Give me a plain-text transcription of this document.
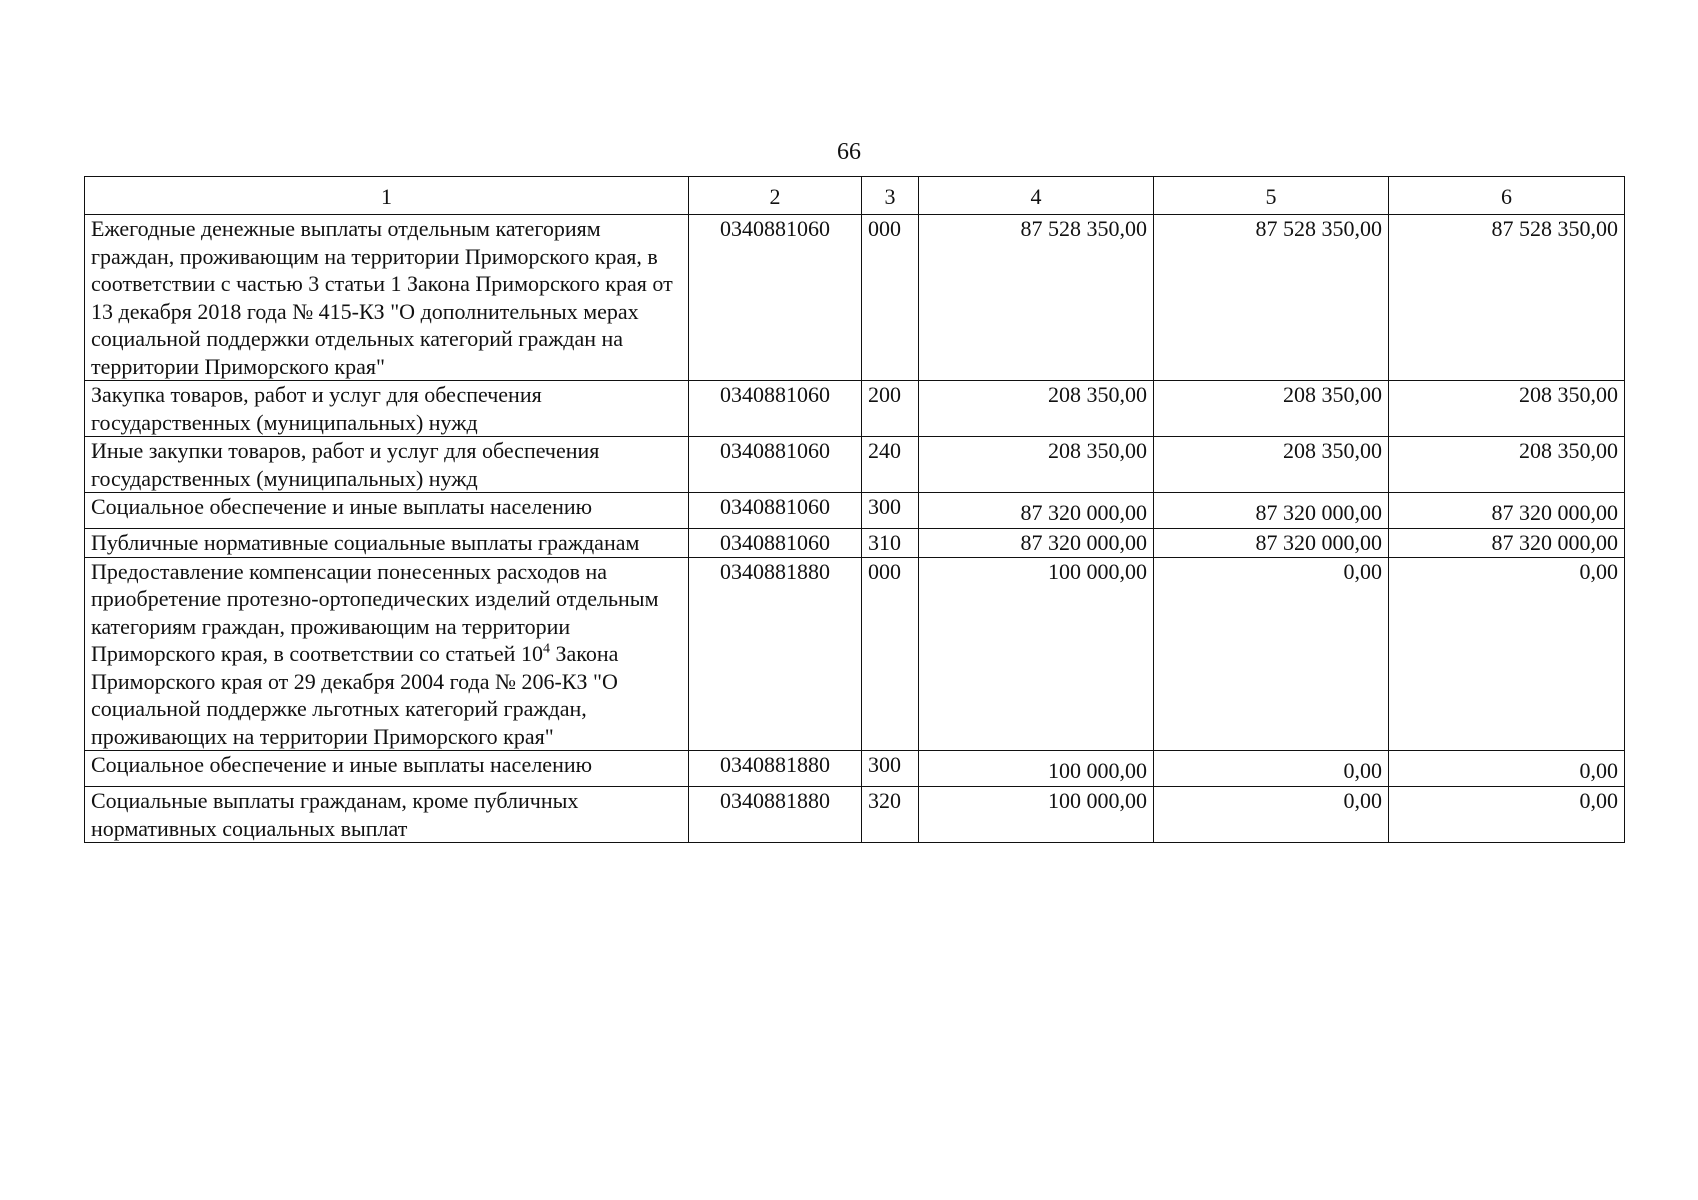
66
1	2	3	4	5	6
Ежегодные денежные выплаты отдельным категориям граждан, проживающим на территории Приморского края, в соответствии с частью 3 статьи 1 Закона Приморского края от 13 декабря 2018 года № 415-КЗ "О дополнительных мерах социальной поддержки отдельных категорий граждан на территории Приморского края"	0340881060	000	87 528 350,00	87 528 350,00	87 528 350,00
Закупка товаров, работ и услуг для обеспечения государственных (муниципальных) нужд	0340881060	200	208 350,00	208 350,00	208 350,00
Иные закупки товаров, работ и услуг для обеспечения государственных (муниципальных) нужд	0340881060	240	208 350,00	208 350,00	208 350,00
Социальное обеспечение и иные выплаты населению	0340881060	300	87 320 000,00	87 320 000,00	87 320 000,00
Публичные нормативные социальные выплаты гражданам	0340881060	310	87 320 000,00	87 320 000,00	87 320 000,00
Предоставление компенсации понесенных расходов на приобретение протезно-ортопедических изделий отдельным категориям граждан, проживающим на территории Приморского края, в соответствии со статьей $10^4$ Закона Приморского края от 29 декабря 2004 года № 206-КЗ "О социальной поддержке льготных категорий граждан, проживающих на территории Приморского края"	0340881880	000	100 000,00	0,00	0,00
Социальное обеспечение и иные выплаты населению	0340881880	300	100 000,00	0,00	0,00
Социальные выплаты гражданам, кроме публичных нормативных социальных выплат	0340881880	320	100 000,00	0,00	0,00
